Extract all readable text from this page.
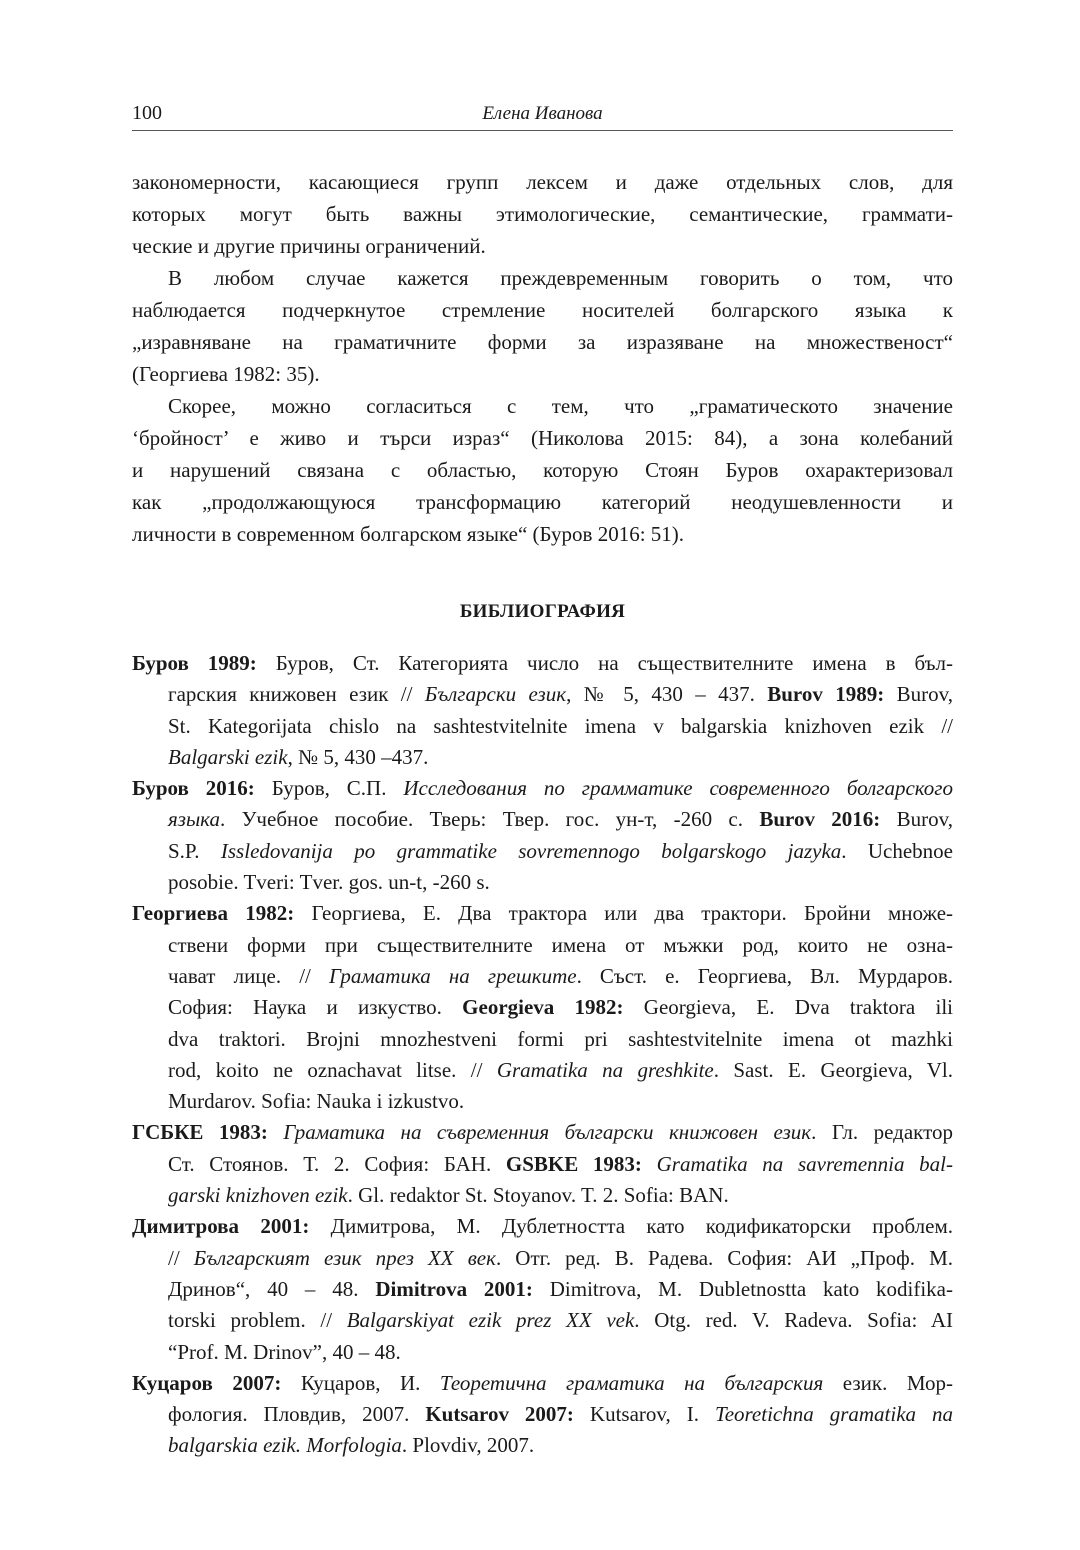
100	Елена Иванова
закономерности, касающиеся групп лексем и даже отдельных слов, для
которых могут быть важны этимологические, семантические, граммати-
ческие и другие причины ограничений.
В любом случае кажется преждевременным говорить о том, что
наблюдается подчеркнутое стремление носителей болгарского языка к
„изравняване на граматичните форми за изразяване на множественост“
(Георгиева 1982: 35).
Скорее, можно согласиться с тем, что „граматическото значение
‘бройност’ е живо и търси израз“ (Николова 2015: 84), а зона колебаний
и нарушений связана с областью, которую Стоян Буров охарактеризовал
как „продолжающуюся трансформацию категорий неодушевленности и
личности в современном болгарском языке“ (Буров 2016: 51).
БИБЛИОГРАФИЯ
Буров 1989: Буров, Ст. Категорията число на съществителните имена в бъл-
гарския книжовен език // Български език, № 5, 430 – 437. Burov 1989: Burov,
St. Kategorijata chislo na sashtestvitelnite imena v balgarskia knizhoven ezik //
Balgarski ezik, № 5, 430 –437.
Буров 2016: Буров, С.П. Исследования по грамматике современного болгарского
языка. Учебное пособие. Тверь: Твер. гос. ун-т, -260 с. Burov 2016: Burov,
S.P. Issledovanija po grammatike sovremennogo bolgarskogo jazyka. Uchebnoe
posobie. Tveri: Tver. gos. un-t, -260 s.
Георгиева 1982: Георгиева, Е. Два трактора или два трактори. Бройни множе-
ствени форми при съществителните имена от мъжки род, които не озна-
чават лице. // Граматика на грешките. Съст. е. Георгиева, Вл. Мурдаров.
София: Наука и изкуство. Georgieva 1982: Georgieva, E. Dva traktora ili
dva traktori. Brojni mnozhestveni formi pri sashtestvitelnite imena ot mazhki
rod, koito ne oznachavat litse. // Gramatika na greshkite. Sast. E. Georgieva, Vl.
Murdarov. Sofia: Nauka i izkustvo.
ГСБКЕ 1983: Граматика на съвременния български книжовен език. Гл. редактор
Ст. Стоянов. Т. 2. София: БАН. GSBKE 1983: Gramatika na savremennia bal-
garski knizhoven ezik. Gl. redaktor St. Stoyanov. T. 2. Sofia: BAN.
Димитрова 2001: Димитрова, М. Дублетността като кодификаторски проблем.
// Българският език през ХХ век. Отг. ред. В. Радева. София: АИ „Проф. М.
Дринов“, 40 – 48. Dimitrova 2001: Dimitrova, M. Dubletnostta kato kodifika-
torski problem. // Balgarskiyat ezik prez XX vek. Otg. red. V. Radeva. Sofia: AI
“Prof. M. Drinov”, 40 – 48.
Куцаров 2007: Куцаров, И. Теоретична граматика на българския език. Мор-
фология. Пловдив, 2007. Kutsarov 2007: Kutsarov, I. Teoretichna gramatika na
balgarskia ezik. Morfologia. Plovdiv, 2007.
